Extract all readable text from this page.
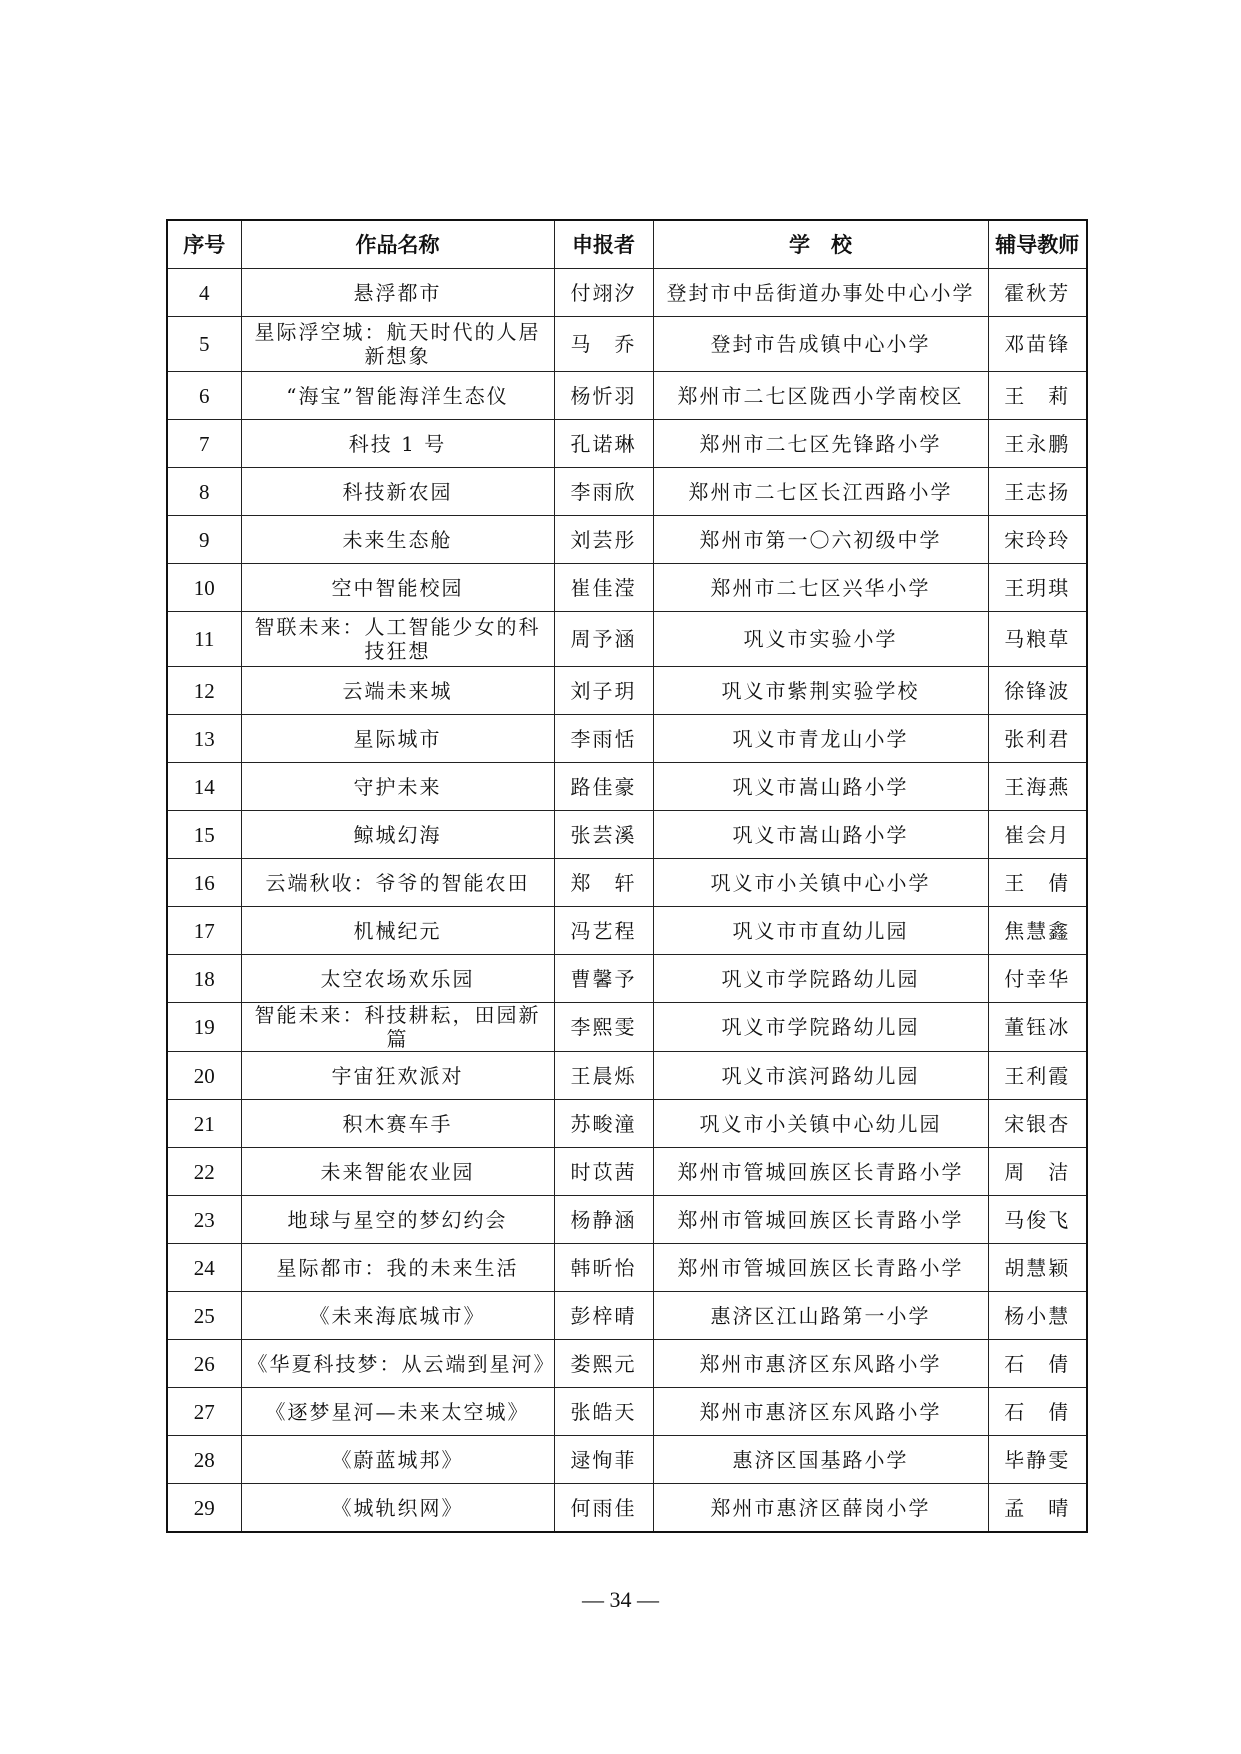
序号	作品名称	申报者	学　校	辅导教师
4	悬浮都市	付翊汐	登封市中岳街道办事处中心小学	霍秋芳
5	星际浮空城：航天时代的人居新想象	马　乔	登封市告成镇中心小学	邓苗锋
6	“海宝”智能海洋生态仪	杨忻羽	郑州市二七区陇西小学南校区	王　莉
7	科技 1 号	孔诺琳	郑州市二七区先锋路小学	王永鹏
8	科技新农园	李雨欣	郑州市二七区长江西路小学	王志扬
9	未来生态舱	刘芸彤	郑州市第一〇六初级中学	宋玲玲
10	空中智能校园	崔佳滢	郑州市二七区兴华小学	王玥琪
11	智联未来：人工智能少女的科技狂想	周予涵	巩义市实验小学	马粮草
12	云端未来城	刘子玥	巩义市紫荆实验学校	徐锋波
13	星际城市	李雨恬	巩义市青龙山小学	张利君
14	守护未来	路佳豪	巩义市嵩山路小学	王海燕
15	鲸城幻海	张芸溪	巩义市嵩山路小学	崔会月
16	云端秋收：爷爷的智能农田	郑　轩	巩义市小关镇中心小学	王　倩
17	机械纪元	冯艺程	巩义市市直幼儿园	焦慧鑫
18	太空农场欢乐园	曹馨予	巩义市学院路幼儿园	付幸华
19	智能未来：科技耕耘，田园新篇	李熙雯	巩义市学院路幼儿园	董钰冰
20	宇宙狂欢派对	王晨烁	巩义市滨河路幼儿园	王利霞
21	积木赛车手	苏畯潼	巩义市小关镇中心幼儿园	宋银杏
22	未来智能农业园	时苡茜	郑州市管城回族区长青路小学	周　洁
23	地球与星空的梦幻约会	杨静涵	郑州市管城回族区长青路小学	马俊飞
24	星际都市：我的未来生活	韩昕怡	郑州市管城回族区长青路小学	胡慧颖
25	《未来海底城市》	彭梓晴	惠济区江山路第一小学	杨小慧
26	《华夏科技梦：从云端到星河》	娄熙元	郑州市惠济区东风路小学	石　倩
27	《逐梦星河—未来太空城》	张皓天	郑州市惠济区东风路小学	石　倩
28	《蔚蓝城邦》	逯恂菲	惠济区国基路小学	毕静雯
29	《城轨织网》	何雨佳	郑州市惠济区薛岗小学	孟　晴
— 34 —
